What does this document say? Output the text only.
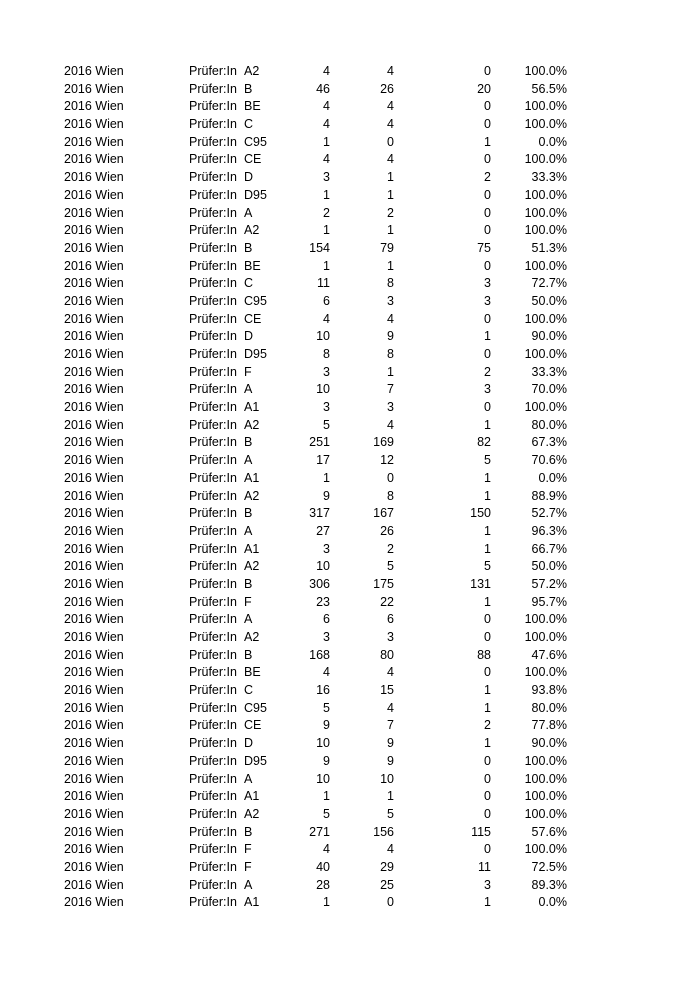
2016 Wien	Prüfer:In A2	4	4	0	100.0%
2016 Wien	Prüfer:In B	46	26	20	56.5%
2016 Wien	Prüfer:In BE	4	4	0	100.0%
2016 Wien	Prüfer:In C	4	4	0	100.0%
2016 Wien	Prüfer:In C95	1	0	1	0.0%
2016 Wien	Prüfer:In CE	4	4	0	100.0%
2016 Wien	Prüfer:In D	3	1	2	33.3%
2016 Wien	Prüfer:In D95	1	1	0	100.0%
2016 Wien	Prüfer:In A	2	2	0	100.0%
2016 Wien	Prüfer:In A2	1	1	0	100.0%
2016 Wien	Prüfer:In B	154	79	75	51.3%
2016 Wien	Prüfer:In BE	1	1	0	100.0%
2016 Wien	Prüfer:In C	11	8	3	72.7%
2016 Wien	Prüfer:In C95	6	3	3	50.0%
2016 Wien	Prüfer:In CE	4	4	0	100.0%
2016 Wien	Prüfer:In D	10	9	1	90.0%
2016 Wien	Prüfer:In D95	8	8	0	100.0%
2016 Wien	Prüfer:In F	3	1	2	33.3%
2016 Wien	Prüfer:In A	10	7	3	70.0%
2016 Wien	Prüfer:In A1	3	3	0	100.0%
2016 Wien	Prüfer:In A2	5	4	1	80.0%
2016 Wien	Prüfer:In B	251	169	82	67.3%
2016 Wien	Prüfer:In A	17	12	5	70.6%
2016 Wien	Prüfer:In A1	1	0	1	0.0%
2016 Wien	Prüfer:In A2	9	8	1	88.9%
2016 Wien	Prüfer:In B	317	167	150	52.7%
2016 Wien	Prüfer:In A	27	26	1	96.3%
2016 Wien	Prüfer:In A1	3	2	1	66.7%
2016 Wien	Prüfer:In A2	10	5	5	50.0%
2016 Wien	Prüfer:In B	306	175	131	57.2%
2016 Wien	Prüfer:In F	23	22	1	95.7%
2016 Wien	Prüfer:In A	6	6	0	100.0%
2016 Wien	Prüfer:In A2	3	3	0	100.0%
2016 Wien	Prüfer:In B	168	80	88	47.6%
2016 Wien	Prüfer:In BE	4	4	0	100.0%
2016 Wien	Prüfer:In C	16	15	1	93.8%
2016 Wien	Prüfer:In C95	5	4	1	80.0%
2016 Wien	Prüfer:In CE	9	7	2	77.8%
2016 Wien	Prüfer:In D	10	9	1	90.0%
2016 Wien	Prüfer:In D95	9	9	0	100.0%
2016 Wien	Prüfer:In A	10	10	0	100.0%
2016 Wien	Prüfer:In A1	1	1	0	100.0%
2016 Wien	Prüfer:In A2	5	5	0	100.0%
2016 Wien	Prüfer:In B	271	156	115	57.6%
2016 Wien	Prüfer:In F	4	4	0	100.0%
2016 Wien	Prüfer:In F	40	29	11	72.5%
2016 Wien	Prüfer:In A	28	25	3	89.3%
2016 Wien	Prüfer:In A1	1	0	1	0.0%
